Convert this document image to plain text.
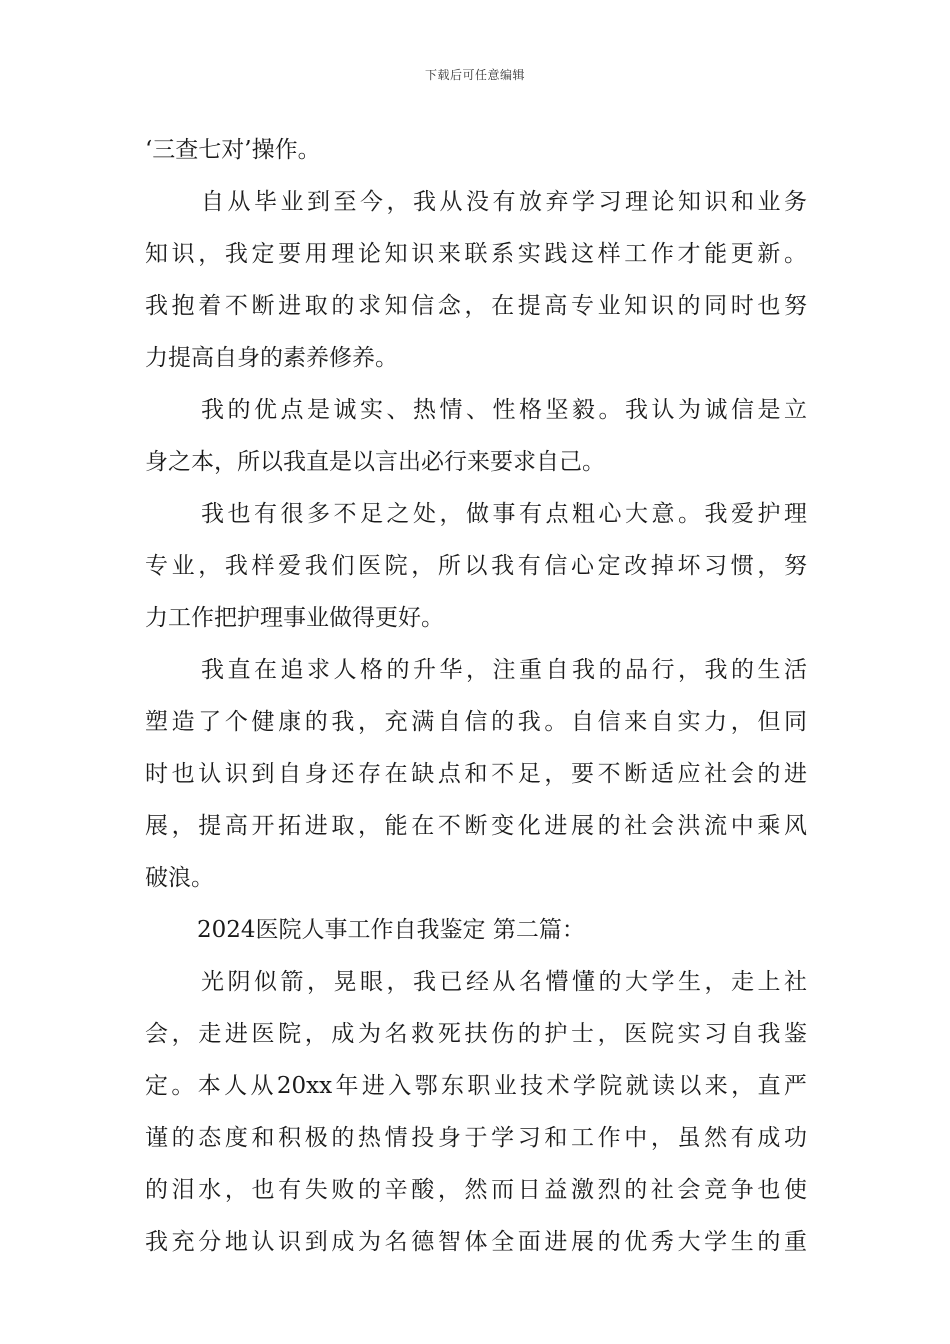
下载后可任意编辑
‘三查七对’操作。
自 从 毕 业 到 至 今 ， 我 从 没 有 放 弃 学 习 理 论 知 识 和 业 务
知 识 ， 我 定 要 用 理 论 知 识 来 联 系 实 践 这 样 工 作 才 能 更 新 。
我 抱 着 不 断 进 取 的 求 知 信 念 ， 在 提 高 专 业 知 识 的 同 时 也 努
力提高自身的素养修养。
我 的 优 点 是 诚 实 、 热 情 、 性 格 坚 毅 。 我 认 为 诚 信 是 立
身之本，所以我直是以言出必行来要求自己。
我 也 有 很 多 不 足 之 处 ， 做 事 有 点 粗 心 大 意 。 我 爱 护 理
专 业 ， 我 样 爱 我 们 医 院 ， 所 以 我 有 信 心 定 改 掉 坏 习 惯 ， 努
力工作把护理事业做得更好。
我 直 在 追 求 人 格 的 升 华 ， 注 重 自 我 的 品 行 ， 我 的 生 活
塑 造 了 个 健 康 的 我 ， 充 满 自 信 的 我 。 自 信 来 自 实 力 ， 但 同
时 也 认 识 到 自 身 还 存 在 缺 点 和 不 足 ， 要 不 断 适 应 社 会 的 进
展 ， 提 高 开 拓 进 取 ， 能 在 不 断 变 化 进 展 的 社 会 洪 流 中 乘 风
破浪。
2024医院人事工作自我鉴定 第二篇：
光 阴 似 箭 ， 晃 眼 ， 我 已 经 从 名 懵 懂 的 大 学 生 ， 走 上 社
会 ， 走 进 医 院 ， 成 为 名 救 死 扶 伤 的 护 士 ， 医 院 实 习 自 我 鉴
定 。 本 人 从 20xx 年 进 入 鄂 东 职 业 技 术 学 院 就 读 以 来 ， 直 严
谨 的 态 度 和 积 极 的 热 情 投 身 于 学 习 和 工 作 中 ， 虽 然 有 成 功
的 泪 水 ， 也 有 失 败 的 辛 酸 ， 然 而 日 益 激 烈 的 社 会 竞 争 也 使
我 充 分 地 认 识 到 成 为 名 德 智 体 全 面 进 展 的 优 秀 大 学 生 的 重
